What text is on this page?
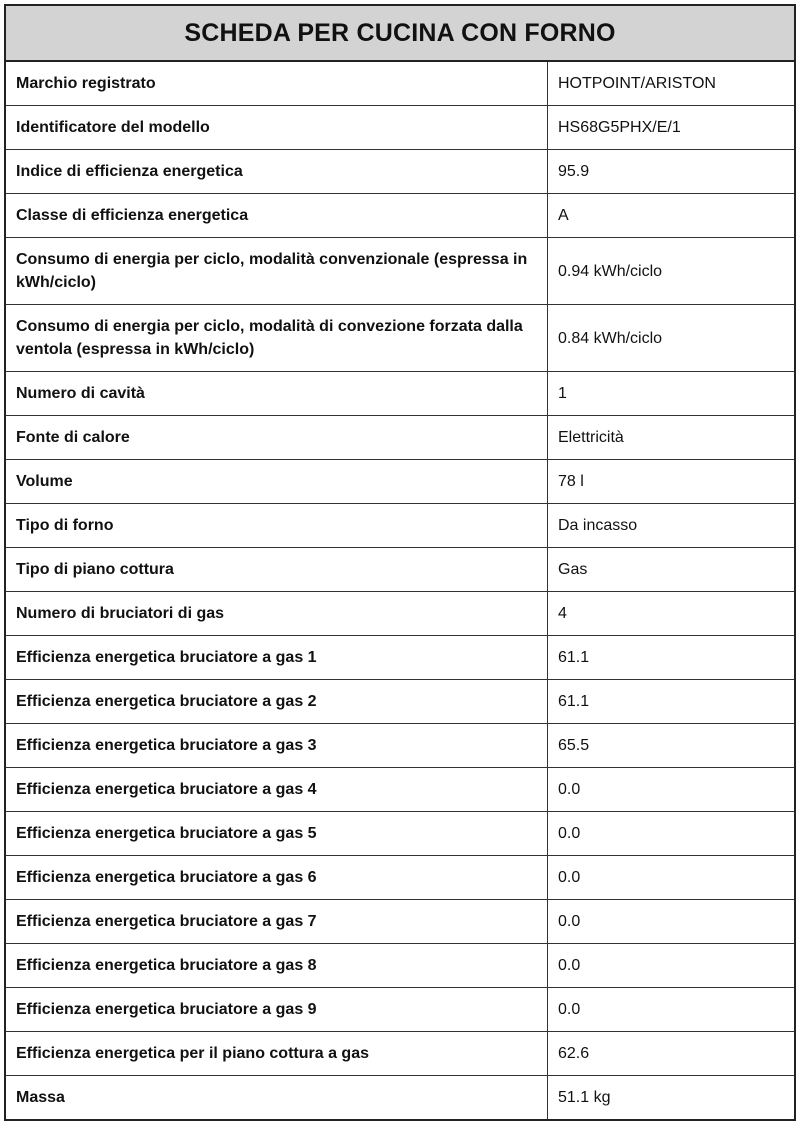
SCHEDA PER CUCINA CON FORNO
Marchio registrato	HOTPOINT/ARISTON
Identificatore del modello	HS68G5PHX/E/1
Indice di efficienza energetica	95.9
Classe di efficienza energetica	A
Consumo di energia per ciclo, modalità convenzionale (espressa in kWh/ciclo)	0.94 kWh/ciclo
Consumo di energia per ciclo, modalità di convezione forzata dalla ventola (espressa in kWh/ciclo)	0.84 kWh/ciclo
Numero di cavità	1
Fonte di calore	Elettricità
Volume	78 l
Tipo di forno	Da incasso
Tipo di piano cottura	Gas
Numero di bruciatori di gas	4
Efficienza energetica bruciatore a gas 1	61.1
Efficienza energetica bruciatore a gas 2	61.1
Efficienza energetica bruciatore a gas 3	65.5
Efficienza energetica bruciatore a gas 4	0.0
Efficienza energetica bruciatore a gas 5	0.0
Efficienza energetica bruciatore a gas 6	0.0
Efficienza energetica bruciatore a gas 7	0.0
Efficienza energetica bruciatore a gas 8	0.0
Efficienza energetica bruciatore a gas 9	0.0
Efficienza energetica per il piano cottura a gas	62.6
Massa	51.1 kg
